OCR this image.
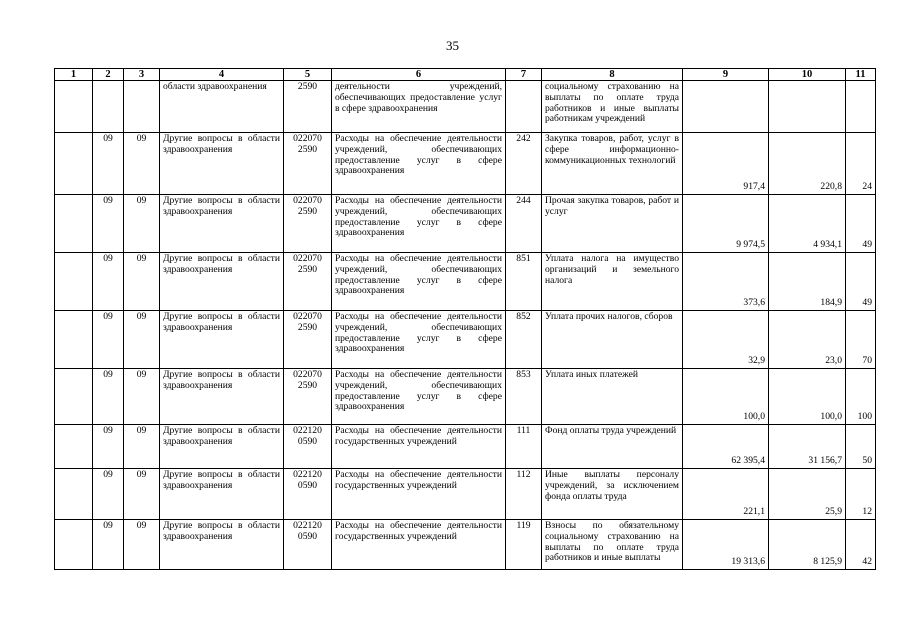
35
1	2	3	4	5	6	7	8	9	10	11
			области здравоохранения	2590	деятельности учреждений, обеспечивающих предоставление услуг в сфере здравоохранения		социальному страхованию на выплаты по оплате труда работников и иные выплаты работникам учреждений			
	09	09	Другие вопросы в области здравоохранения	022070 2590	Расходы на обеспечение деятельности учреждений, обеспечивающих предоставление услуг в сфере здравоохранения	242	Закупка товаров, работ, услуг в сфере информационно-коммуникационных технологий	917,4	220,8	24
	09	09	Другие вопросы в области здравоохранения	022070 2590	Расходы на обеспечение деятельности учреждений, обеспечивающих предоставление услуг в сфере здравоохранения	244	Прочая закупка товаров, работ и услуг	9 974,5	4 934,1	49
	09	09	Другие вопросы в области здравоохранения	022070 2590	Расходы на обеспечение деятельности учреждений, обеспечивающих предоставление услуг в сфере здравоохранения	851	Уплата налога на имущество организаций и земельного налога	373,6	184,9	49
	09	09	Другие вопросы в области здравоохранения	022070 2590	Расходы на обеспечение деятельности учреждений, обеспечивающих предоставление услуг в сфере здравоохранения	852	Уплата прочих налогов, сборов	32,9	23,0	70
	09	09	Другие вопросы в области здравоохранения	022070 2590	Расходы на обеспечение деятельности учреждений, обеспечивающих предоставление услуг в сфере здравоохранения	853	Уплата иных платежей	100,0	100,0	100
	09	09	Другие вопросы в области здравоохранения	022120 0590	Расходы на обеспечение деятельности государственных учреждений	111	Фонд оплаты труда учреждений	62 395,4	31 156,7	50
	09	09	Другие вопросы в области здравоохранения	022120 0590	Расходы на обеспечение деятельности государственных учреждений	112	Иные выплаты персоналу учреждений, за исключением фонда оплаты труда	221,1	25,9	12
	09	09	Другие вопросы в области здравоохранения	022120 0590	Расходы на обеспечение деятельности государственных учреждений	119	Взносы по обязательному социальному страхованию на выплаты по оплате труда работников и иные выплаты	19 313,6	8 125,9	42
